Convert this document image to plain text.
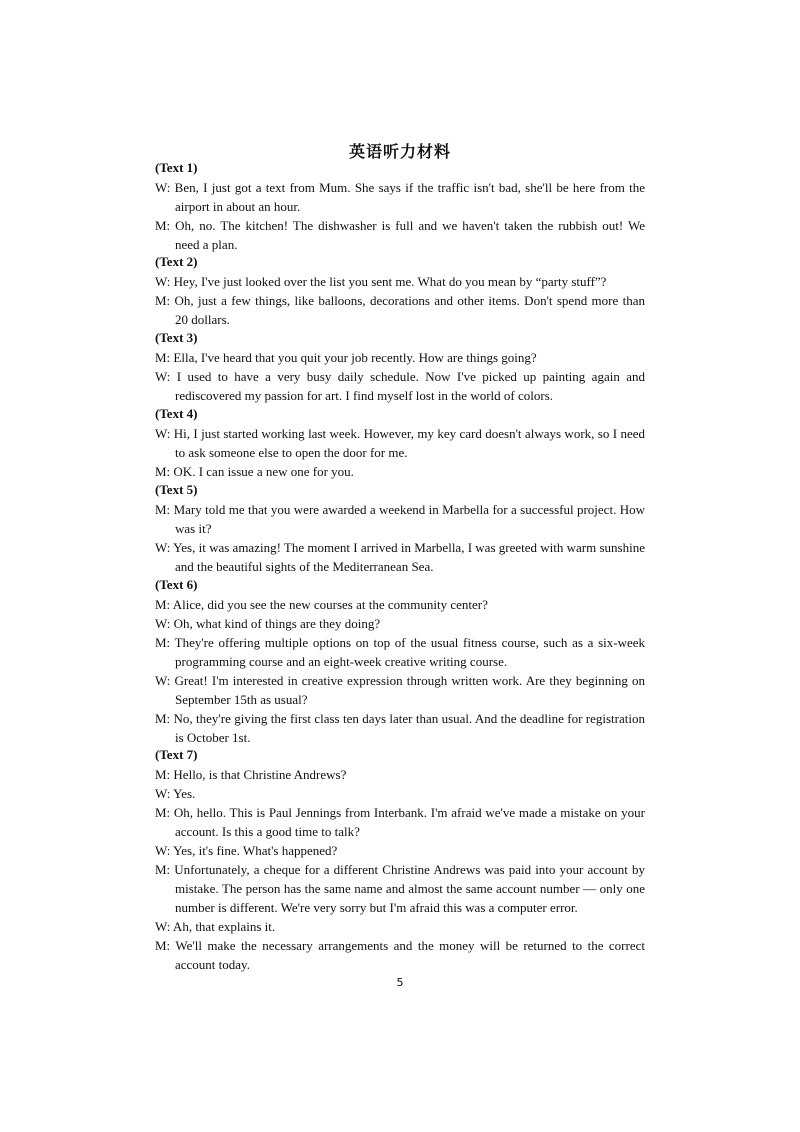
英语听力材料
(Text 1)
W: Ben, I just got a text from Mum. She says if the traffic isn't bad, she'll be here from the
airport in about an hour.
M: Oh, no. The kitchen! The dishwasher is full and we haven't taken the rubbish out! We
need a plan.
(Text 2)
W: Hey, I've just looked over the list you sent me. What do you mean by “party stuff”?
M: Oh, just a few things, like balloons, decorations and other items. Don't spend more than
20 dollars.
(Text 3)
M: Ella, I've heard that you quit your job recently. How are things going?
W: I used to have a very busy daily schedule. Now I've picked up painting again and
rediscovered my passion for art. I find myself lost in the world of colors.
(Text 4)
W: Hi, I just started working last week. However, my key card doesn't always work, so I need
to ask someone else to open the door for me.
M: OK. I can issue a new one for you.
(Text 5)
M: Mary told me that you were awarded a weekend in Marbella for a successful project. How
was it?
W: Yes, it was amazing! The moment I arrived in Marbella, I was greeted with warm sunshine
and the beautiful sights of the Mediterranean Sea.
(Text 6)
M: Alice, did you see the new courses at the community center?
W: Oh, what kind of things are they doing?
M: They're offering multiple options on top of the usual fitness course, such as a six-week
programming course and an eight-week creative writing course.
W: Great! I'm interested in creative expression through written work. Are they beginning on
September 15th as usual?
M: No, they're giving the first class ten days later than usual. And the deadline for registration
is October 1st.
(Text 7)
M: Hello, is that Christine Andrews?
W: Yes.
M: Oh, hello. This is Paul Jennings from Interbank. I'm afraid we've made a mistake on your
account. Is this a good time to talk?
W: Yes, it's fine. What's happened?
M: Unfortunately, a cheque for a different Christine Andrews was paid into your account by
mistake. The person has the same name and almost the same account number — only one
number is different. We're very sorry but I'm afraid this was a computer error.
W: Ah, that explains it.
M: We'll make the necessary arrangements and the money will be returned to the correct
account today.
5
